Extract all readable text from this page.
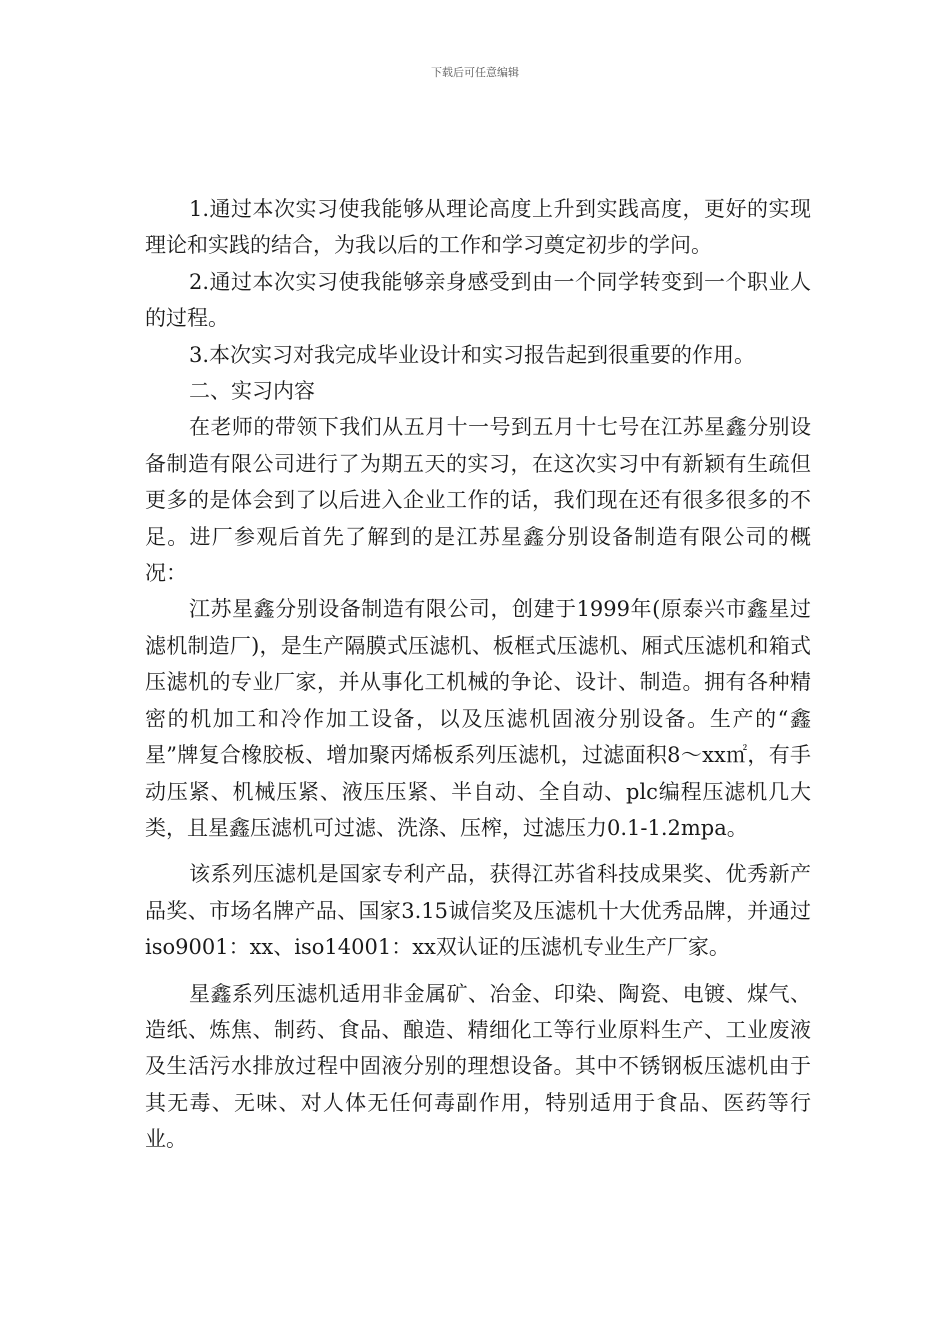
下载后可任意编辑

1.通过本次实习使我能够从理论高度上升到实践高度，更好的实现理论和实践的结合，为我以后的工作和学习奠定初步的学问。

2.通过本次实习使我能够亲身感受到由一个同学转变到一个职业人的过程。

3.本次实习对我完成毕业设计和实习报告起到很重要的作用。

二、实习内容

在老师的带领下我们从五月十一号到五月十七号在江苏星鑫分别设备制造有限公司进行了为期五天的实习，在这次实习中有新颖有生疏但更多的是体会到了以后进入企业工作的话，我们现在还有很多很多的不足。进厂参观后首先了解到的是江苏星鑫分别设备制造有限公司的概况：

江苏星鑫分别设备制造有限公司，创建于1999年(原泰兴市鑫星过滤机制造厂)，是生产隔膜式压滤机、板框式压滤机、厢式压滤机和箱式压滤机的专业厂家，并从事化工机械的争论、设计、制造。拥有各种精密的机加工和冷作加工设备，以及压滤机固液分别设备。生产的“鑫星”牌复合橡胶板、增加聚丙烯板系列压滤机，过滤面积8～xx㎡，有手动压紧、机械压紧、液压压紧、半自动、全自动、plc编程压滤机几大类，且星鑫压滤机可过滤、洗涤、压榨，过滤压力0.1-1.2mpa。

该系列压滤机是国家专利产品，获得江苏省科技成果奖、优秀新产品奖、市场名牌产品、国家3.15诚信奖及压滤机十大优秀品牌，并通过iso9001：xx、iso14001：xx双认证的压滤机专业生产厂家。

星鑫系列压滤机适用非金属矿、冶金、印染、陶瓷、电镀、煤气、造纸、炼焦、制药、食品、酿造、精细化工等行业原料生产、工业废液及生活污水排放过程中固液分别的理想设备。其中不锈钢板压滤机由于其无毒、无味、对人体无任何毒副作用，特别适用于食品、医药等行业。
